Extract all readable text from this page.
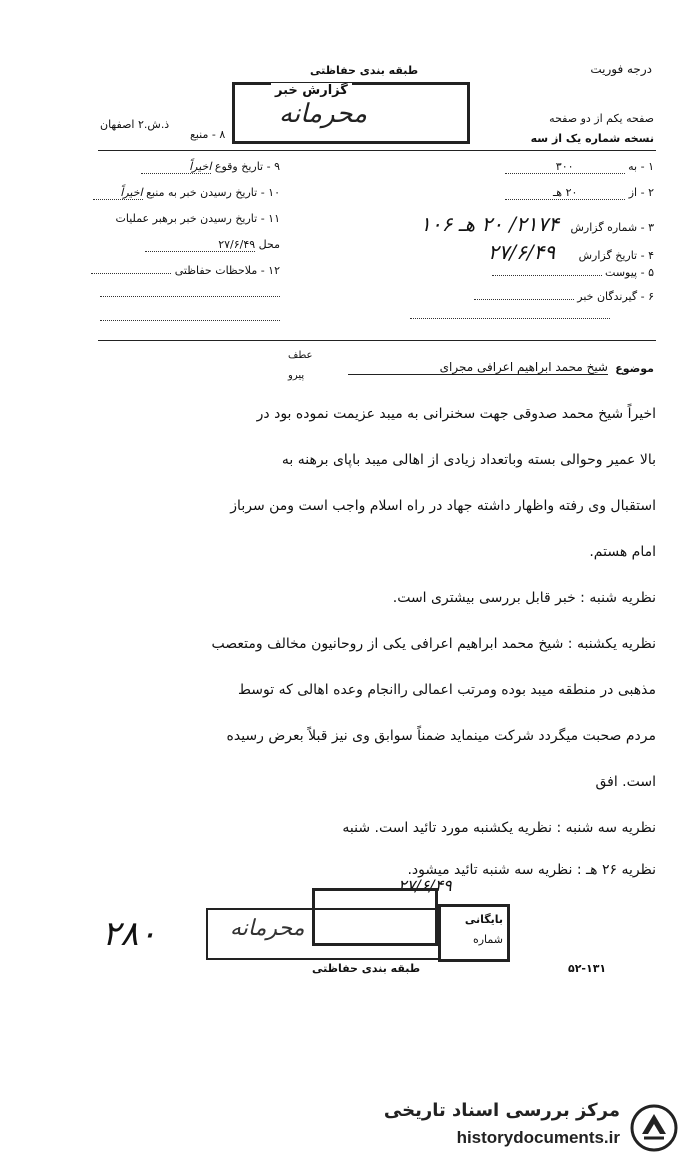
درجه فوریت
طبقه بندی حفاظتی
گزارش خبر
محرمانه
ذ.ش.۲ اصفهان
۸ - منبع
صفحه یکم از دو صفحه
نسخه شماره یک از سه
۹ - تاریخ وقوع اخیراً
۱۰ - تاریخ رسیدن خبر به منبع اخیراً
۱۱ - تاریخ رسیدن خبر برهبر عملیات
محل ۲۷/۶/۴۹
۱۲ - ملاحظات حفاظتی
۱ - به ۳۰۰
۲ - از ۲۰ هـ
۳ - شماره گزارش ۲۱۷۴/ ۲۰ هـ ۱۰۶
۴ - تاریخ گزارش ۲۷/۶/۴۹
۵ - پیوست
۶ - گیرندگان خبر
موضوع
شیخ محمد ابراهیم اعرافی مجرای
عطف
پیرو
اخیراً شیخ محمد صدوقی جهت سخنرانی به میبد عزیمت نموده بود در
بالا عمیر وحوالی بسته وباتعداد زیادی از اهالی میبد باپای برهنه به
استقبال وی رفته واظهار داشته جهاد در راه اسلام واجب است ومن سرباز
امام هستم.
نظریه شنبه : خبر قابل بررسی بیشتری است.
نظریه یکشنبه : شیخ محمد ابراهیم اعرافی یکی از روحانیون مخالف ومتعصب
مذهبی در منطقه میبد بوده ومرتب اعمالی راانجام وعده اهالی که توسط
مردم صحبت میگردد شرکت مینماید ضمناً سوابق وی نیز قبلاً بعرض رسیده
است. افق
نظریه سه شنبه : نظریه یکشنبه مورد تائید است. شنبه
نظریه ۲۶ هـ : نظریه سه شنبه تائید میشود.
۲۷/۶/۴۹
۲۸۰	محرمانه	بایگانی
شماره
طبقه بندی حفاظتی	۵۲-۱۳۱
مرکز بررسی اسناد تاریخی
historydocuments.ir
